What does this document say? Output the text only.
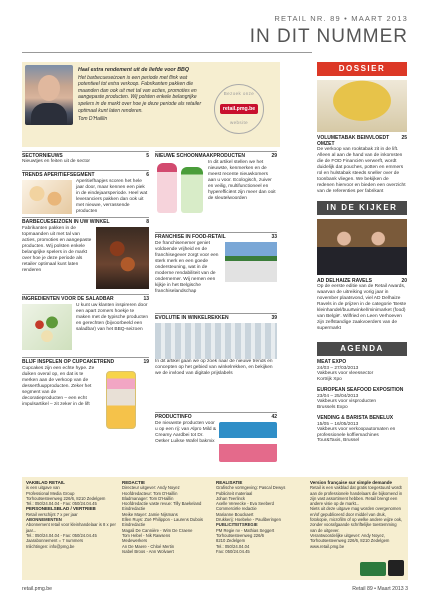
RETAIL NR. 89 • MAART 2013
IN DIT NUMMER
Haal extra rendement uit de liefde voor BBQ
Het barbecueseizoen is een periode met flink wat potentieel tot extra verkoop. Fabrikanten pakken die maanden dan ook uit met tal van acties, promoties en aangepaste producten. Wij polsten enkele belangrijke spelers in de markt over hoe je deze periode als retailer optimaal kunt laten renderen.
Tom D'Haillin
Bezoek onze
retail.pmg.be
website
SECTORNIEUWS	5
Nieuwtjes en feiten uit de sector
TRENDS APERITIEFSEGMENT	6
Aperitiefhapjes scoren het hele jaar door, maar kennen een piek in de eindejaarsperiode. Heel wat leveranciers pakken dan ook uit met nieuwe, verrassende producten
BARBECUESEIZOEN IN UW WINKEL	8
Fabrikanten pakken in de topmaanden uit met tal van acties, promoties en aangepaste producten. Wij polsten enkele belangrijke spelers in de markt over hoe je deze periode als retailer optimaal kunt laten renderen
INGREDIENTEN VOOR DE SALADBAR	13
U kunt uw klanten inspireren door een apart zomers hoekje te maken met de typische producten en gerechten (bijvoorbeeld een saladbar) van het BBQ-seizoen
BLIJF INSPELEN OP CUPCAKETREND	19
Cupcakes zijn een echte hype. Ze duiken overal op, en dat is te merken aan de verkoop van de dessertfuupproducten. Zeker het segment van de decoratieproducten – een echt impulsartikel – zit zeker in de lift
NIEUWE SCHOONMAAKPRODUCTEN	29
In dit artikel stellen we het nieuwste, kenmerken en de meest recente nieuwkomers aan u voor. Ecologisch, zuiver en veilig, multifunctioneel en hyperefficiënt zijn meer dan ooit de sleutelwoorden
FRANCHISE IN FOOD-RETAIL	33
De franchisenemer geniet voldoende vrijheid en de franchisegever zorgt voor een sterk merk en een goede ondersteuning, wat in de moderne rendabiliteit van de ondernemer. Wij nemen een kijkje in het Belgische franchiselandschap
EVOLUTIE IN WINKELREKKEN	39
In dit artikel gaan we op zoek naar de nieuwe trends en concepten op het gebied van winkelrekken, en bekijken we de invloed van digitale prijslabels
PRODUCTINFO	42
De nieuwste producten voor u op een rij: van Alpro Mild & Creamy Aardbei tot Dr. Oetker Luikse Wafel bakmix
DOSSIER
VOLUMETABAK BEINVLOEDT OMZET
25
De verkoop van rooktabak zit in de lift. Alleen al aan de hand van de inkomsten die de FOD Financiën verwerft, wordt duidelijk dat pouches, potten en emmers rol en hulstabak steeds sneller over de toonbank vliegen. We bekijken de redenen hiervoor en bieden een overzicht van de referenties per fabrikant
IN DE KIJKER
AD DELHAIZE RAVELS	20
Op de eerste editie van de Retail Awards, waarvan de uitreiking vorig jaar in november plaatsvond, viel AD Delhaize Ravels in de prijzen in de categorie 'Beste kleinhandel/buurtwinkel/minimarket (food) van België'. Wilfried en Leen Verhoeven zijn zelfstandige zaakvoerders van de supermarkt
AGENDA
MEAT EXPO
24/03 – 27/03/2013
Vakbeurs voor vleessector
Kortrijk Xpo
EUROPEAN SEAFOOD EXPOSITION
23/04 – 25/04/2013
Vakbeurs voor visproducten
Brussels Expo
VENDING & BARISTA BENELUX
15/05 – 16/05/2013
Vakbeurs voor verkoopautomaten en professionele koffiemachines
Tour&Taxis, Brussel
VAKBLAD RETAIL
is een uitgave van
Professional Media Group
Torhoutsesteenweg 226/6, 8210 Zedelgem
Tel.: 050/24.04.04 - Fax: 050/24.04.45
PERSONEELSBLAD / VERTRIEB
Retail verschijnt 7 x per jaar
ABONNEMENTEN
Abonnement retail voor kleinhandelaar is 8 x per jaar...
Tel.: 050/24.04.04 - Fax: 050/24.04.45
Jaarabonnement = 7 nummers
Inlichtingen: info@pmg.be
REDACTIE
Directeur uitgever: Andy Noyez
Hoofdredacteur: Tom D'Haillin
Bladmanager: Tom D'Haillin
Hoofdredactie vaste revue: Tilly Baekeland
Eindredactie
Meike Mayer: Jamie Nijsmans
Ellen Ruys: Zoë Philippon - Laurens Dubois
Eindredactie
Magali De Cannière - Wim De Craene
Tom Hebel - Nik Rawsens
Medewerkers
An De Maere - Chloé Mertin
Isabel Broos - Ann Wolvaert
REALISATIE
Grafische vormgeving: Pascal Dewys
Publiciteit materiaal
Johan Teerlinck
Axelle Vereecke - Eva Seeberd
Commerciële redactie
Marianne Bouckaert
Drukkerij: Hoebeke - Pauliberingen
PUBLICITEITSREGIE
PM Regie nv - Mathias Seggert
Torhoutsesteenweg 226/6
8210 Zedelgem
Tel.: 050/24.04.04
Fax: 050/24.04.45
Version française sur simple demande
Retail is een vakblad dat gratis toegestuurd wordt aan de professionele handelaars die bijkomend in zijn vast assortiment hebben. Retail brengt een andere visie op de markt...
Niets uit deze uitgave mag worden overgenomen en/of gepubliceerd door middel van druk, fotokopie, microfilm of op welke andere wijze ook, zonder voorafgaande schriftelijke toestemming van de uitgever.
Verantwoordelijke uitgever: Andy Noyez, Torhoutsesteenweg 226/6, 8210 Zedelgem
www.retail.pmg.be
retail.pmg.be	Retail 89 • Maart 2013 3
